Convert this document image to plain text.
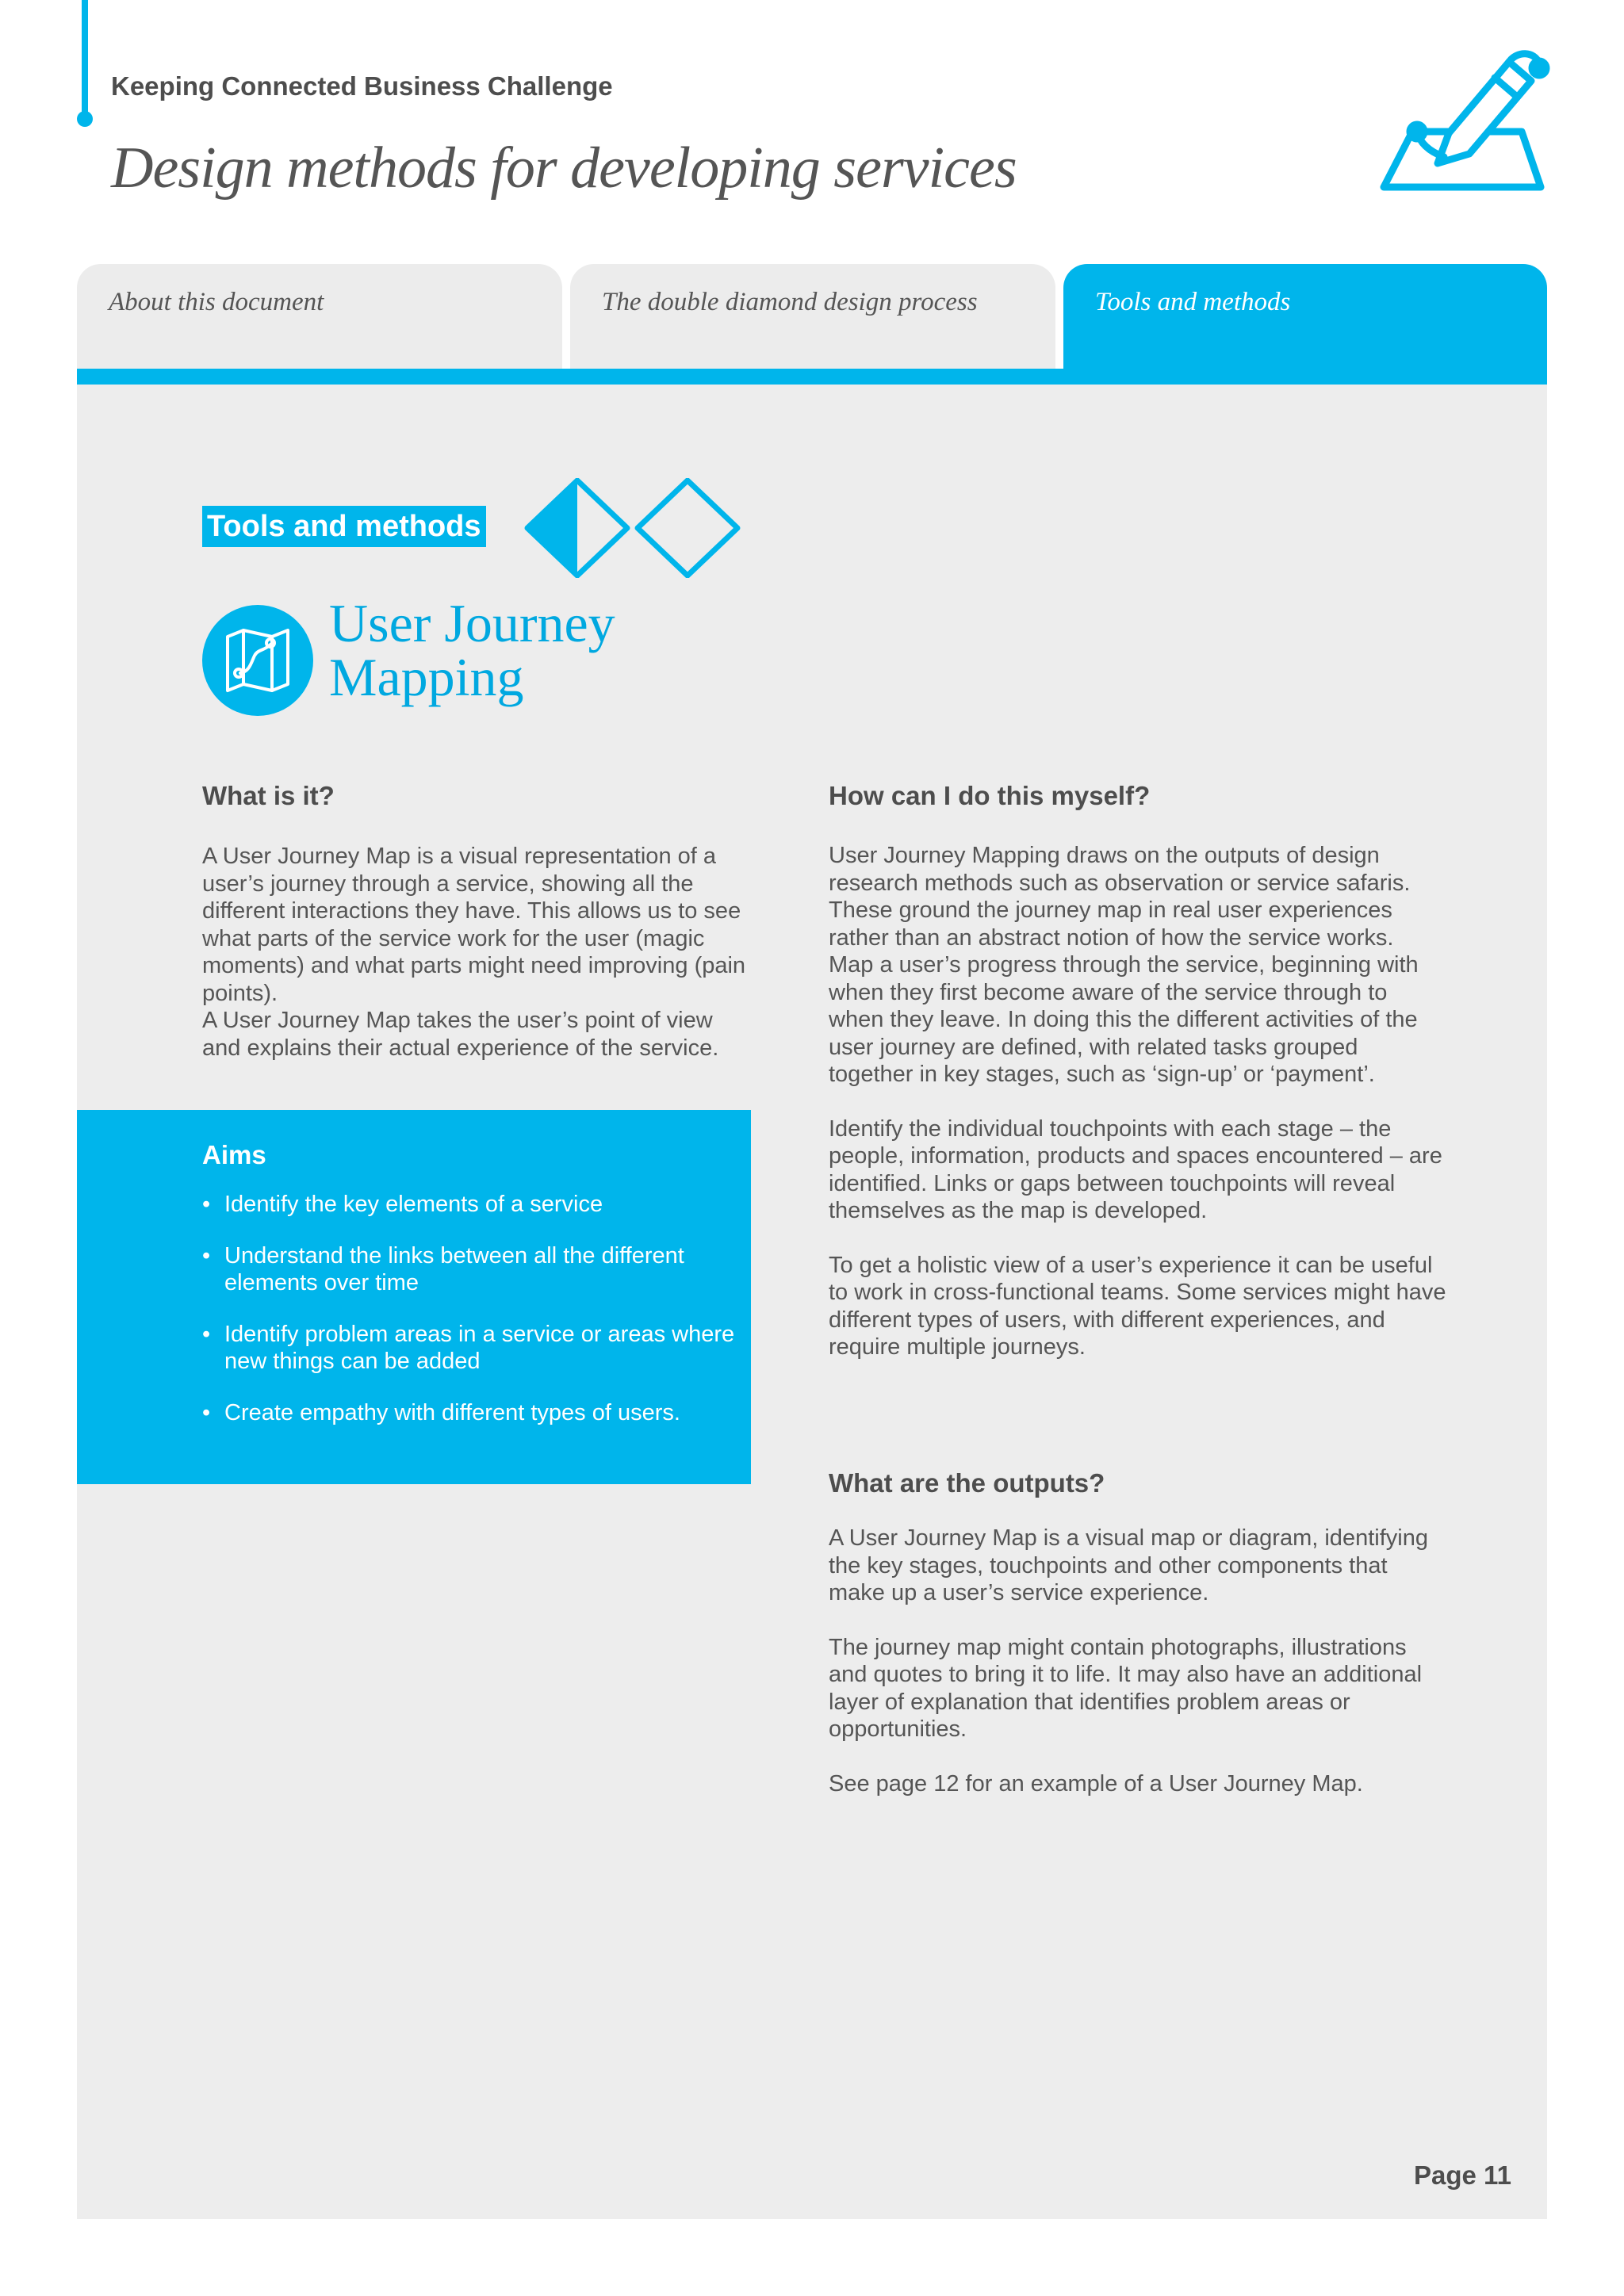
Keeping Connected Business Challenge
Design methods for developing services
About this document	The double diamond design process	Tools and methods
Tools and methods
User Journey Mapping
What is it?

A User Journey Map is a visual representation of a user’s journey through a service, showing all the different interactions they have. This allows us to see what parts of the service work for the user (magic moments) and what parts might need improving (pain points).

A User Journey Map takes the user’s point of view and explains their actual experience of the service.

Aims
• Identify the key elements of a service
• Understand the links between all the different elements over time
• Identify problem areas in a service or areas where new things can be added
• Create empathy with different types of users.
How can I do this myself?

User Journey Mapping draws on the outputs of design research methods such as observation or service safaris. These ground the journey map in real user experiences rather than an abstract notion of how the service works.

Map a user’s progress through the service, beginning with when they first become aware of the service through to when they leave. In doing this the different activities of the user journey are defined, with related tasks grouped together in key stages, such as ‘sign-up’ or ‘payment’.

Identify the individual touchpoints with each stage – the people, information, products and spaces encountered – are identified. Links or gaps between touchpoints will reveal themselves as the map is developed.

To get a holistic view of a user’s experience it can be useful to work in cross-functional teams. Some services might have different types of users, with different experiences, and require multiple journeys.

What are the outputs?

A User Journey Map is a visual map or diagram, identifying the key stages, touchpoints and other components that make up a user’s service experience.

The journey map might contain photographs, illustrations and quotes to bring it to life. It may also have an additional layer of explanation that identifies problem areas or opportunities.

See page 12 for an example of a User Journey Map.

Page 11
